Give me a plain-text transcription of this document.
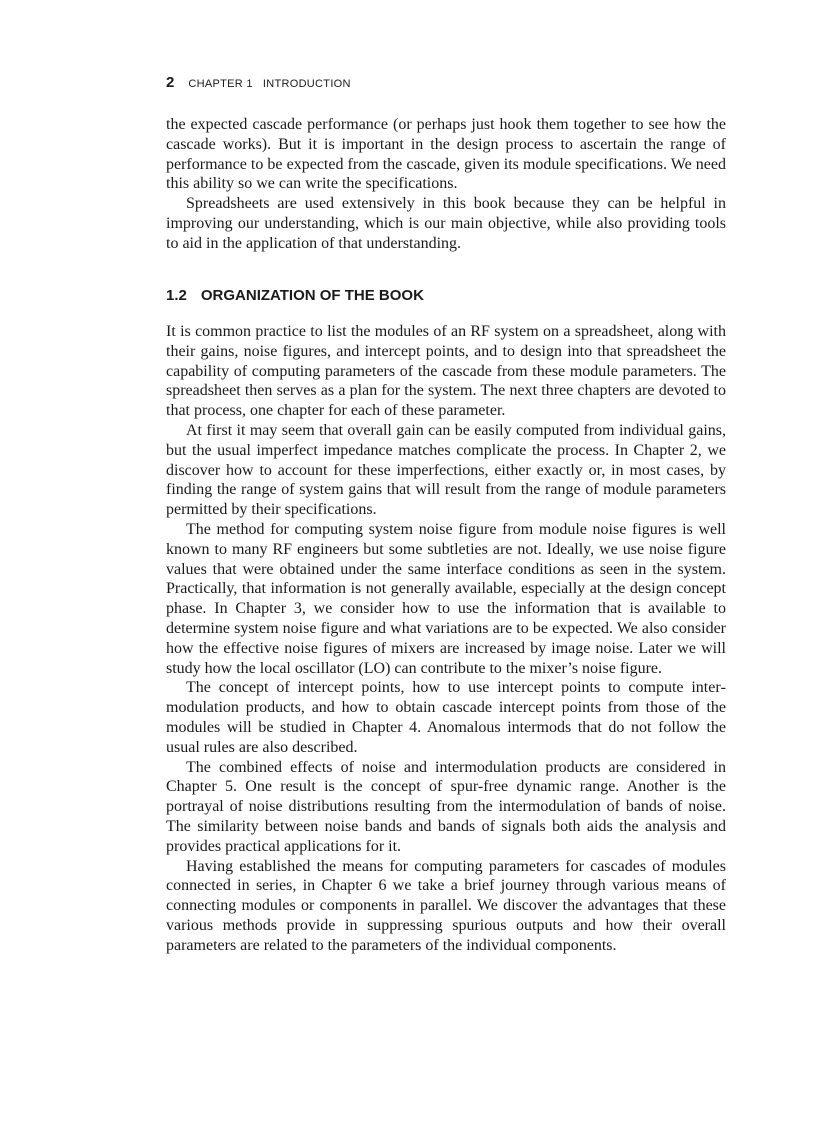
2 CHAPTER 1   INTRODUCTION

the expected cascade performance (or perhaps just hook them together to see how the cascade works). But it is important in the design process to ascertain the range of performance to be expected from the cascade, given its module specifications. We need this ability so we can write the specifications.

Spreadsheets are used extensively in this book because they can be helpful in improving our understanding, which is our main objective, while also providing tools to aid in the application of that understanding.

1.2 ORGANIZATION OF THE BOOK

It is common practice to list the modules of an RF system on a spreadsheet, along with their gains, noise figures, and intercept points, and to design into that spreadsheet the capability of computing parameters of the cascade from these module parameters. The spreadsheet then serves as a plan for the system. The next three chapters are devoted to that process, one chapter for each of these parameter.

At first it may seem that overall gain can be easily computed from individual gains, but the usual imperfect impedance matches complicate the process. In Chapter 2, we discover how to account for these imperfections, either exactly or, in most cases, by finding the range of system gains that will result from the range of module parameters permitted by their specifications.

The method for computing system noise figure from module noise figures is well known to many RF engineers but some subtleties are not. Ideally, we use noise figure values that were obtained under the same interface conditions as seen in the system. Practically, that information is not generally available, especially at the design concept phase. In Chapter 3, we consider how to use the information that is available to determine system noise figure and what variations are to be expected. We also consider how the effective noise figures of mixers are increased by image noise. Later we will study how the local oscillator (LO) can contribute to the mixer’s noise figure.

The concept of intercept points, how to use intercept points to compute intermodulation products, and how to obtain cascade intercept points from those of the modules will be studied in Chapter 4. Anomalous intermods that do not follow the usual rules are also described.

The combined effects of noise and intermodulation products are considered in Chapter 5. One result is the concept of spur-free dynamic range. Another is the portrayal of noise distributions resulting from the intermodulation of bands of noise. The similarity between noise bands and bands of signals both aids the analysis and provides practical applications for it.

Having established the means for computing parameters for cascades of modules connected in series, in Chapter 6 we take a brief journey through various means of connecting modules or components in parallel. We discover the advantages that these various methods provide in suppressing spurious outputs and how their overall parameters are related to the parameters of the individual components.
